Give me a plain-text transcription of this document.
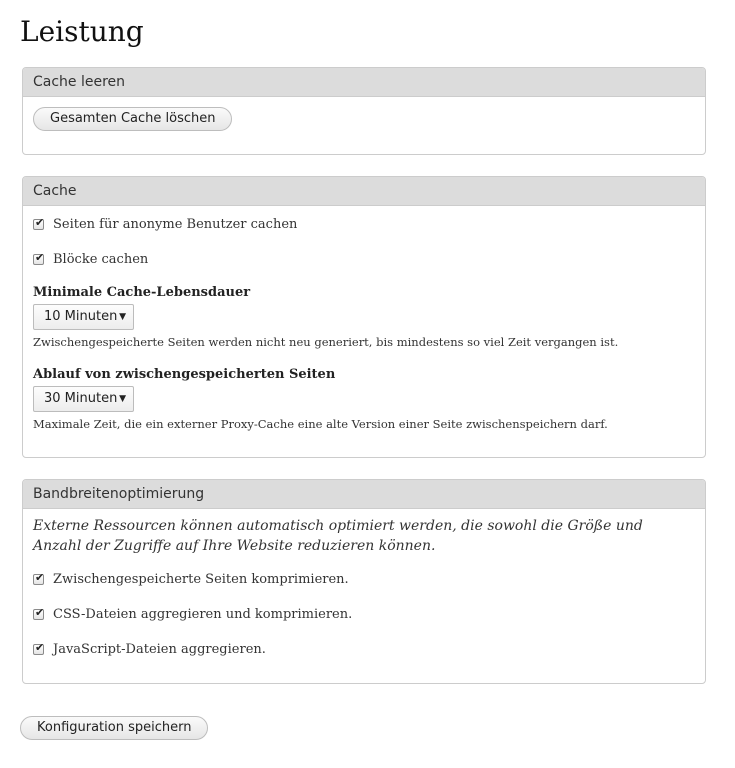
Leistung
Cache leeren
Gesamten Cache löschen
Cache
✔ Seiten für anonyme Benutzer cachen
✔ Blöcke cachen
Minimale Cache-Lebensdauer
10 Minuten ▼
Zwischengespeicherte Seiten werden nicht neu generiert, bis mindestens so viel Zeit vergangen ist.
Ablauf von zwischengespeicherten Seiten
30 Minuten ▼
Maximale Zeit, die ein externer Proxy-Cache eine alte Version einer Seite zwischenspeichern darf.
Bandbreitenoptimierung
Externe Ressourcen können automatisch optimiert werden, die sowohl die Größe und Anzahl der Zugriffe auf Ihre Website reduzieren können.
✔ Zwischengespeicherte Seiten komprimieren.
✔ CSS-Dateien aggregieren und komprimieren.
✔ JavaScript-Dateien aggregieren.
Konfiguration speichern
